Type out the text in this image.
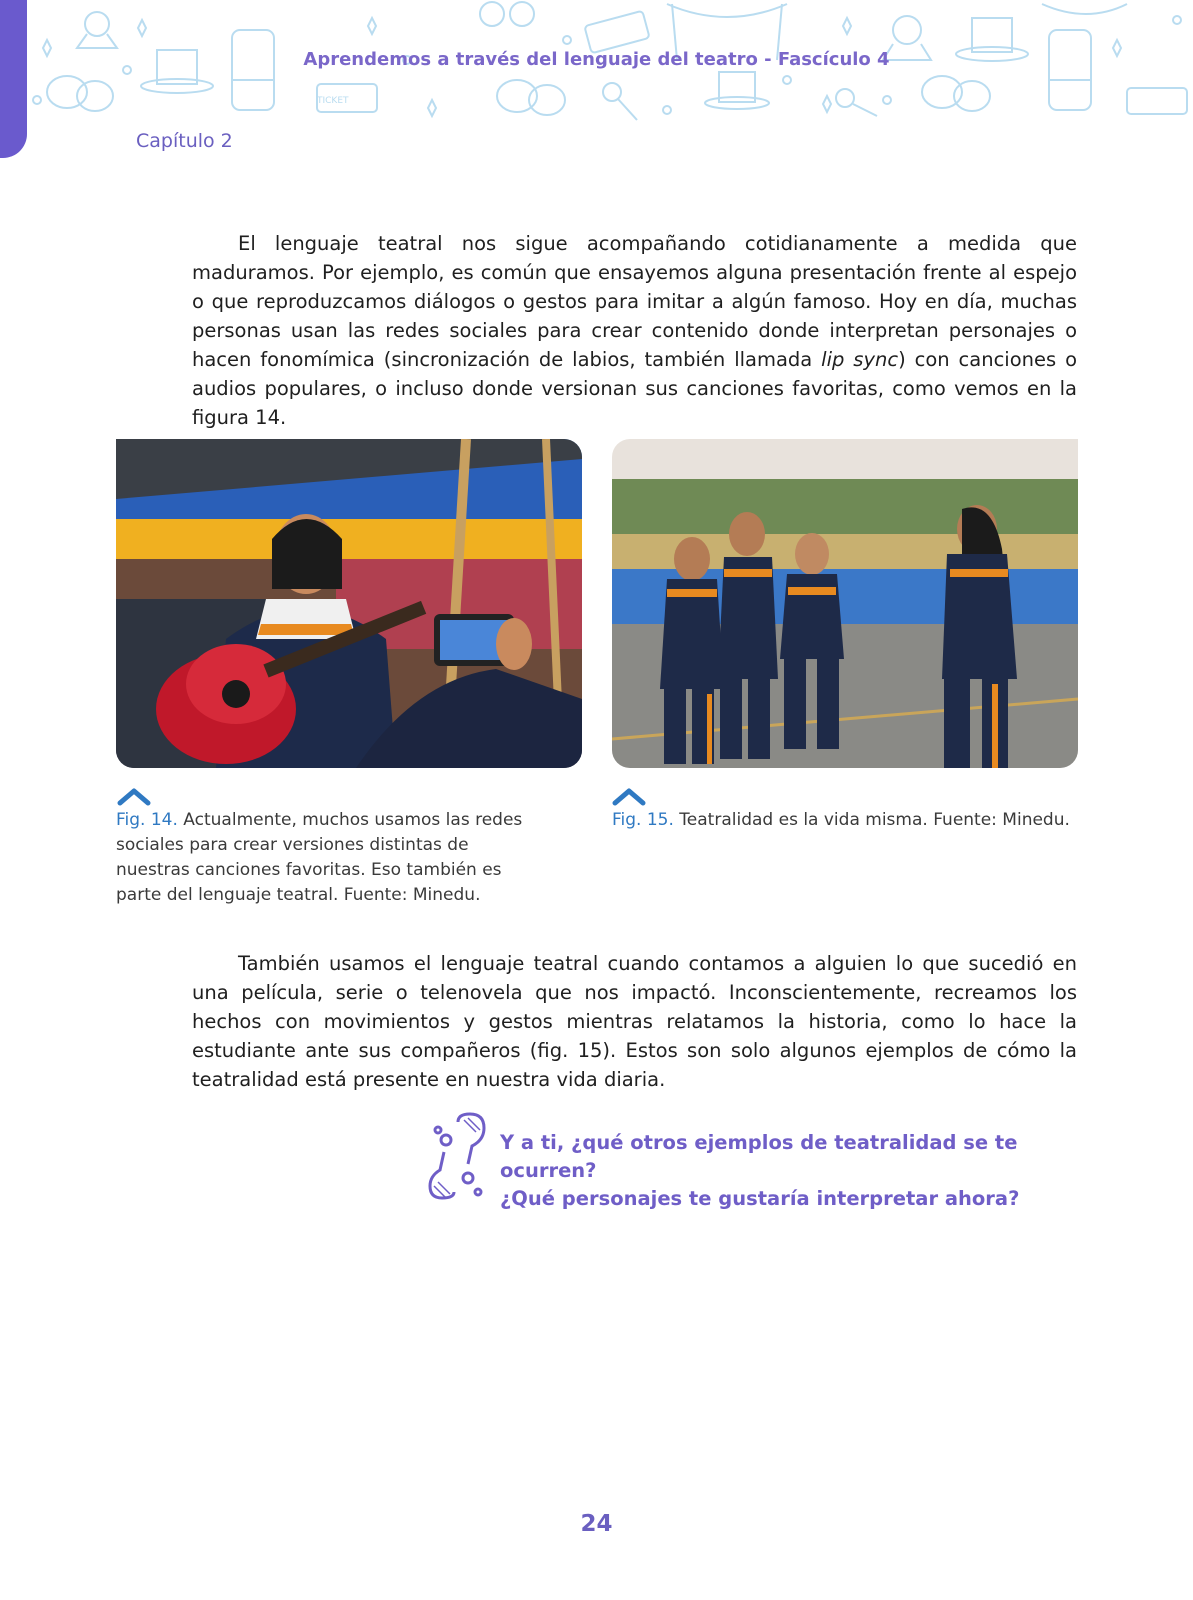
TICKET
Aprendemos a través del lenguaje del teatro - Fascículo 4
Capítulo 2
El lenguaje teatral nos sigue acompañando cotidianamente a medida que maduramos. Por ejemplo, es común que ensayemos alguna presentación frente al espejo o que reproduzcamos diálogos o gestos para imitar a algún famoso. Hoy en día, muchas personas usan las redes sociales para crear contenido donde interpretan personajes o hacen fonomímica (sincronización de labios, también llamada lip sync) con canciones o audios populares, o incluso donde versionan sus canciones favoritas, como vemos en la figura 14.
Fig. 14. Actualmente, muchos usamos las redes sociales para crear versiones distintas de nuestras canciones favoritas. Eso también es parte del lenguaje teatral. Fuente: Minedu.
Fig. 15. Teatralidad es la vida misma. Fuente: Minedu.
También usamos el lenguaje teatral cuando contamos a alguien lo que sucedió en una película, serie o telenovela que nos impactó. Inconscientemente, recreamos los hechos con movimientos y gestos mientras relatamos la historia, como lo hace la estudiante ante sus compañeros (fig. 15). Estos son solo algunos ejemplos de cómo la teatralidad está presente en nuestra vida diaria.
Y a ti, ¿qué otros ejemplos de teatralidad se te ocurren?
¿Qué personajes te gustaría interpretar ahora?
24
